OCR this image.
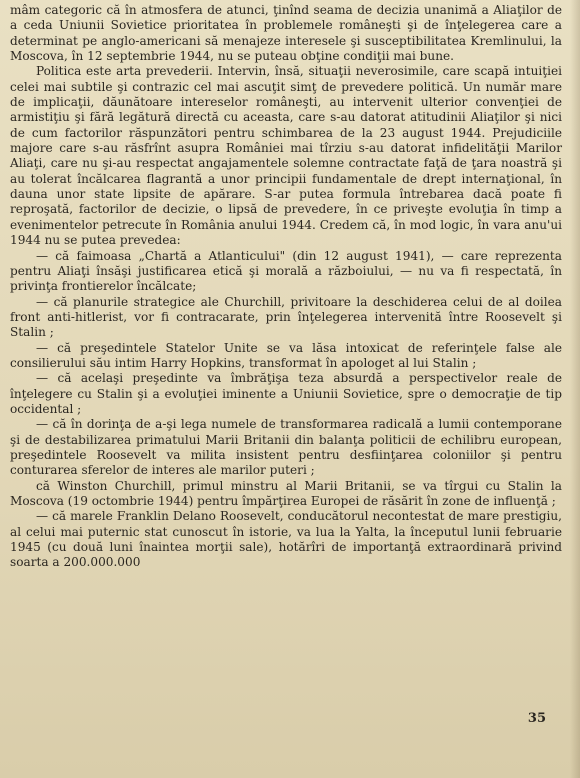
mâm categoric că în atmosfera de atunci, ţinînd seama de decizia unanimă a Aliaţilor de a ceda Uniunii Sovietice prioritatea în problemele româneşti şi de înţelegerea care a determinat pe anglo-americani să menajeze interesele şi susceptibilitatea Kremlinului, la Moscova, în 12 septembrie 1944, nu se puteau obţine condiţii mai bune.

Politica este arta prevederii. Intervin, însă, situaţii neverosimile, care scapă intuiţiei celei mai subtile şi contrazic cel mai ascuţit simţ de prevedere politică. Un număr mare de implicaţii, dăunătoare intereselor româneşti, au intervenit ulterior convenţiei de armistiţiu şi fără legătură directă cu aceasta, care s-au datorat atitudinii Aliaţilor şi nici de cum factorilor răspunzători pentru schimbarea de la 23 august 1944. Prejudiciile majore care s-au răsfrînt asupra României mai tîrziu s-au datorat infidelităţii Marilor Aliaţi, care nu şi-au respectat angajamentele solemne contractate faţă de ţara noastră şi au tolerat încălcarea flagrantă a unor principii fundamentale de drept internaţional, în dauna unor state lipsite de apărare. S-ar putea formula întrebarea dacă poate fi reproşată, factorilor de decizie, o lipsă de prevedere, în ce priveşte evoluţia în timp a evenimentelor petrecute în România anului 1944. Credem că, în mod logic, în vara anu'ui 1944 nu se putea prevedea:

— că faimoasa „Chartă a Atlanticului" (din 12 august 1941), — care reprezenta pentru Aliaţi însăşi justificarea etică şi morală a războiului, — nu va fi respectată, în privinţa frontierelor încălcate;

— că planurile strategice ale Churchill, privitoare la deschiderea celui de al doilea front anti-hitlerist, vor fi contracarate, prin înţelegerea intervenită între Roosevelt şi Stalin ;

— că preşedintele Statelor Unite se va lăsa intoxicat de referinţele false ale consilierului său intim Harry Hopkins, transformat în apologet al lui Stalin ;

— că acelaşi preşedinte va îmbrăţişa teza absurdă a perspectivelor reale de înţelegere cu Stalin şi a evoluţiei iminente a Uniunii Sovietice, spre o democraţie de tip occidental ;

— că în dorinţa de a-şi lega numele de transformarea radicală a lumii contemporane şi de destabilizarea primatului Marii Britanii din balanţa politicii de echilibru european, preşedintele Roosevelt va milita insistent pentru desfiinţarea coloniilor şi pentru conturarea sferelor de interes ale marilor puteri ;

că Winston Churchill, primul minstru al Marii Britanii, se va tîrgui cu Stalin la Moscova (19 octombrie 1944) pentru împărţirea Europei de răsărit în zone de influenţă ;

— că marele Franklin Delano Roosevelt, conducătorul necontestat de mare prestigiu, al celui mai puternic stat cunoscut în istorie, va lua la Yalta, la începutul lunii februarie 1945 (cu două luni înaintea morţii sale), hotărîri de importanţă extraordinară privind soarta a 200.000.000

35
